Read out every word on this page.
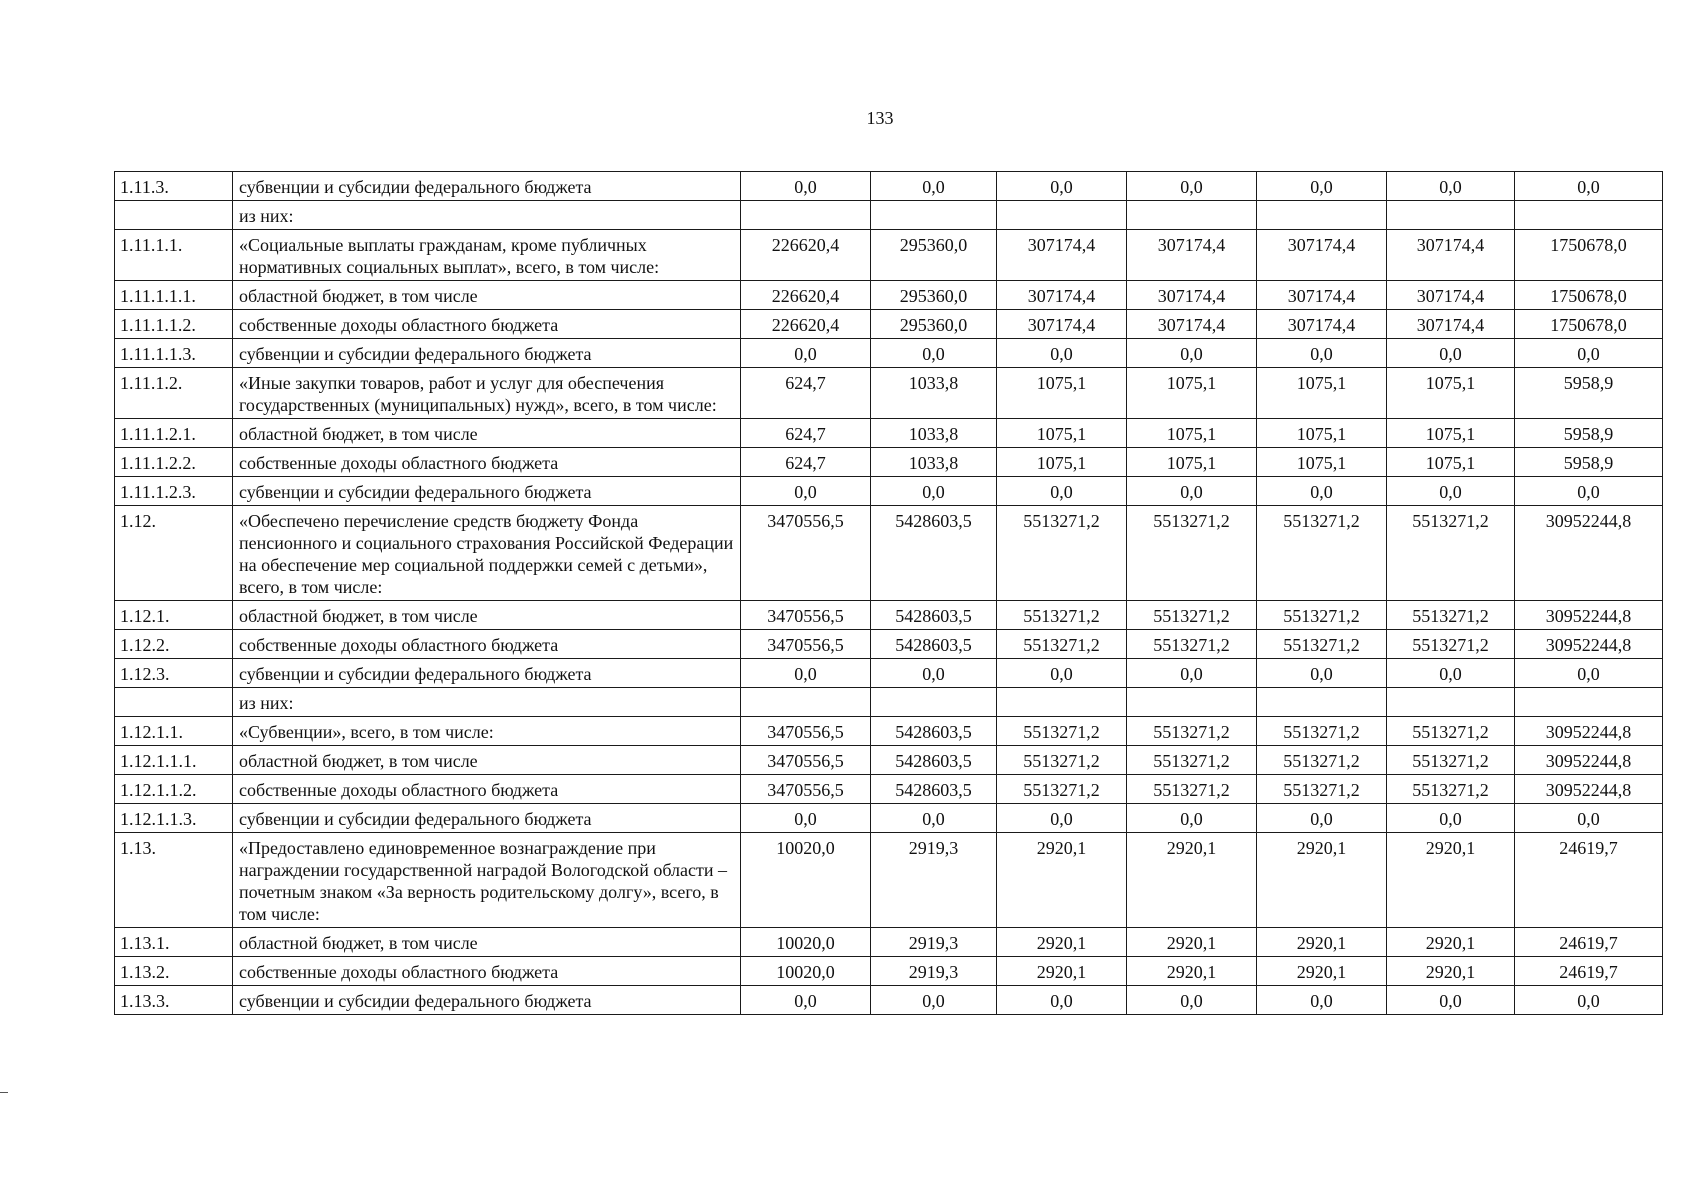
133
1.11.3.	субвенции и субсидии федерального бюджета	0,0	0,0	0,0	0,0	0,0	0,0	0,0
	из них:							
1.11.1.1.	«Социальные выплаты гражданам, кроме публичных нормативных социальных выплат», всего, в том числе:	226620,4	295360,0	307174,4	307174,4	307174,4	307174,4	1750678,0
1.11.1.1.1.	областной бюджет, в том числе	226620,4	295360,0	307174,4	307174,4	307174,4	307174,4	1750678,0
1.11.1.1.2.	собственные доходы областного бюджета	226620,4	295360,0	307174,4	307174,4	307174,4	307174,4	1750678,0
1.11.1.1.3.	субвенции и субсидии федерального бюджета	0,0	0,0	0,0	0,0	0,0	0,0	0,0
1.11.1.2.	«Иные закупки товаров, работ и услуг для обеспечения государственных (муниципальных) нужд», всего, в том числе:	624,7	1033,8	1075,1	1075,1	1075,1	1075,1	5958,9
1.11.1.2.1.	областной бюджет, в том числе	624,7	1033,8	1075,1	1075,1	1075,1	1075,1	5958,9
1.11.1.2.2.	собственные доходы областного бюджета	624,7	1033,8	1075,1	1075,1	1075,1	1075,1	5958,9
1.11.1.2.3.	субвенции и субсидии федерального бюджета	0,0	0,0	0,0	0,0	0,0	0,0	0,0
1.12.	«Обеспечено перечисление средств бюджету Фонда пенсионного и социального страхования Российской Федерации на обеспечение мер социальной поддержки семей с детьми», всего, в том числе:	3470556,5	5428603,5	5513271,2	5513271,2	5513271,2	5513271,2	30952244,8
1.12.1.	областной бюджет, в том числе	3470556,5	5428603,5	5513271,2	5513271,2	5513271,2	5513271,2	30952244,8
1.12.2.	собственные доходы областного бюджета	3470556,5	5428603,5	5513271,2	5513271,2	5513271,2	5513271,2	30952244,8
1.12.3.	субвенции и субсидии федерального бюджета	0,0	0,0	0,0	0,0	0,0	0,0	0,0
	из них:							
1.12.1.1.	«Субвенции», всего, в том числе:	3470556,5	5428603,5	5513271,2	5513271,2	5513271,2	5513271,2	30952244,8
1.12.1.1.1.	областной бюджет, в том числе	3470556,5	5428603,5	5513271,2	5513271,2	5513271,2	5513271,2	30952244,8
1.12.1.1.2.	собственные доходы областного бюджета	3470556,5	5428603,5	5513271,2	5513271,2	5513271,2	5513271,2	30952244,8
1.12.1.1.3.	субвенции и субсидии федерального бюджета	0,0	0,0	0,0	0,0	0,0	0,0	0,0
1.13.	«Предоставлено единовременное вознаграждение при награждении государственной наградой Вологодской области – почетным знаком «За верность родительскому долгу», всего, в том числе:	10020,0	2919,3	2920,1	2920,1	2920,1	2920,1	24619,7
1.13.1.	областной бюджет, в том числе	10020,0	2919,3	2920,1	2920,1	2920,1	2920,1	24619,7
1.13.2.	собственные доходы областного бюджета	10020,0	2919,3	2920,1	2920,1	2920,1	2920,1	24619,7
1.13.3.	субвенции и субсидии федерального бюджета	0,0	0,0	0,0	0,0	0,0	0,0	0,0
